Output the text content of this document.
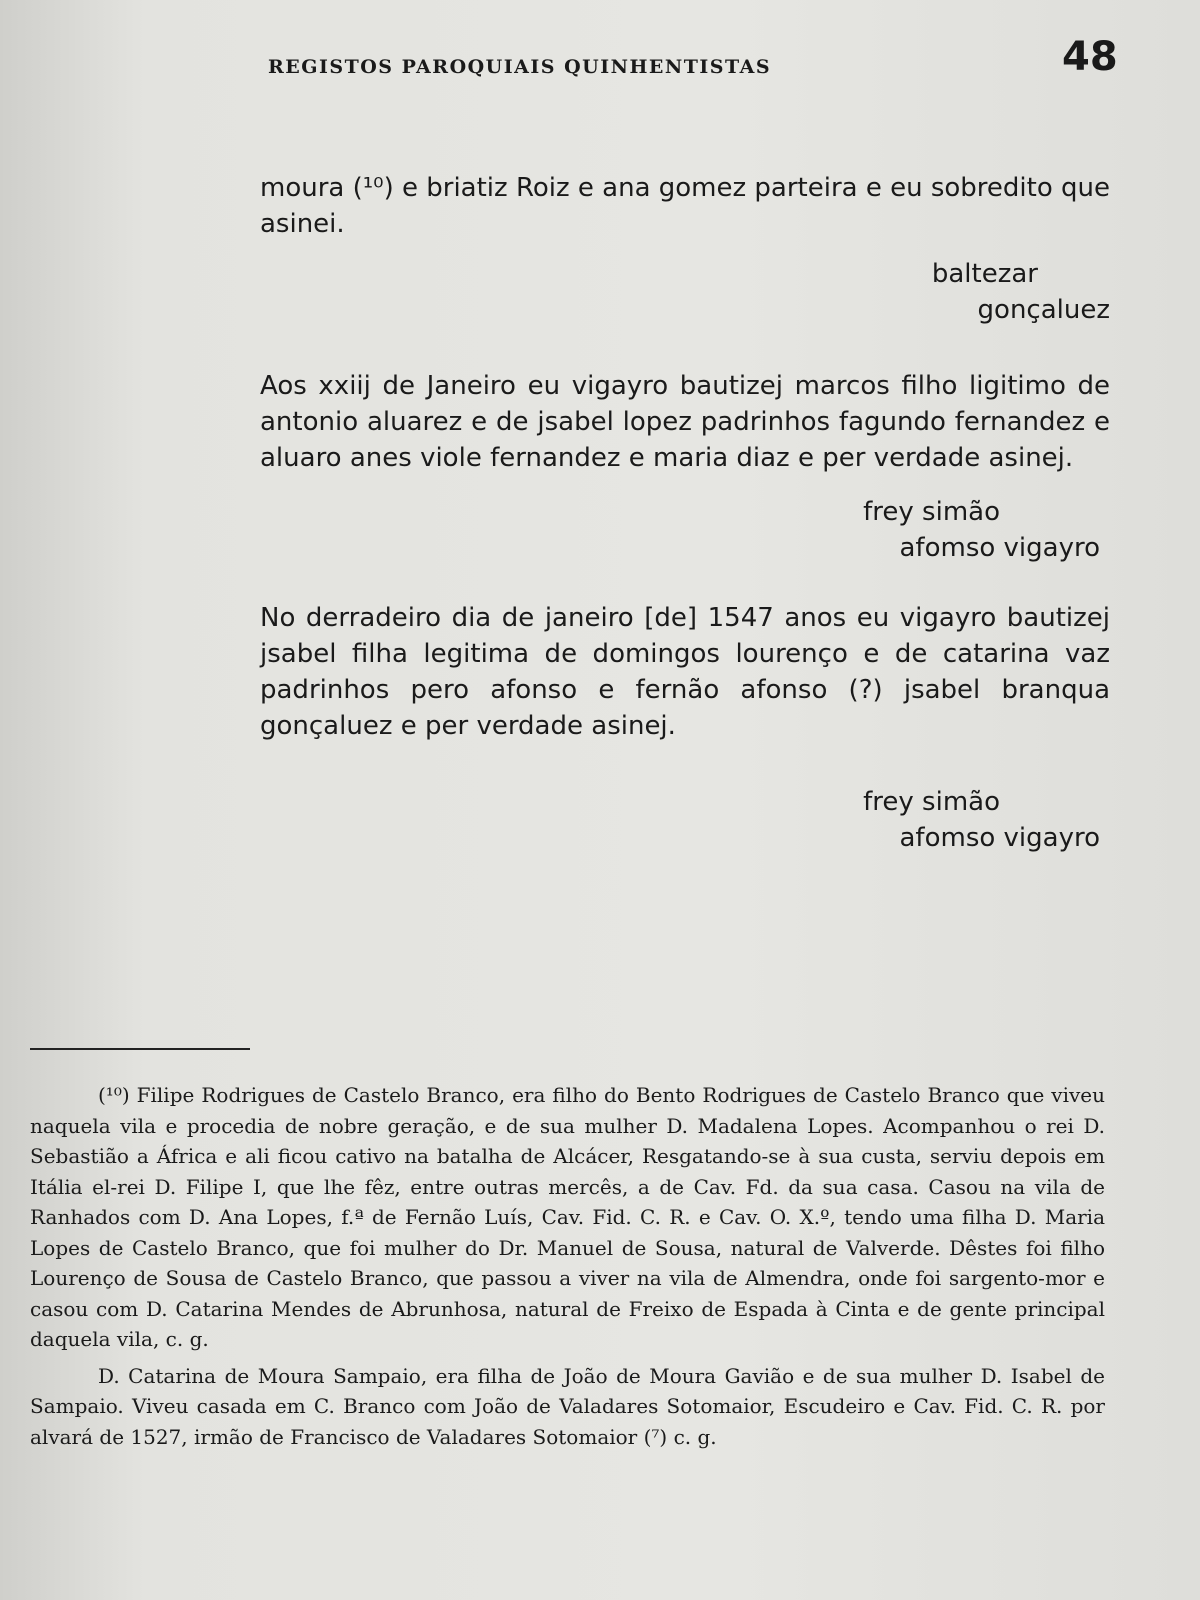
REGISTOS PAROQUIAIS QUINHENTISTAS	48

moura (¹⁰) e briatiz Roiz e ana gomez parteira e eu sobredito que asinei.

baltezar
gonçaluez

Aos xxiij de Janeiro eu vigayro bautizej marcos filho ligitimo de antonio aluarez e de jsabel lopez padrinhos fagundo fernandez e aluaro anes viole fernandez e maria diaz e per verdade asinej.

frey simão
afomso vigayro

No derradeiro dia de janeiro [de] 1547 anos eu vigayro bautizej jsabel filha legitima de domingos lourenço e de catarina vaz padrinhos pero afonso e fernão afonso (?) jsabel branqua gonçaluez e per verdade asinej.

frey simão
afomso vigayro

(¹⁰) Filipe Rodrigues de Castelo Branco, era filho do Bento Rodrigues de Castelo Branco que viveu naquela vila e procedia de nobre geração, e de sua mulher D. Madalena Lopes. Acompanhou o rei D. Sebastião a África e ali ficou cativo na batalha de Alcácer, Resgatando-se à sua custa, serviu depois em Itália el-rei D. Filipe I, que lhe fêz, entre outras mercês, a de Cav. Fd. da sua casa. Casou na vila de Ranhados com D. Ana Lopes, f.ª de Fernão Luís, Cav. Fid. C. R. e Cav. O. X.º, tendo uma filha D. Maria Lopes de Castelo Branco, que foi mulher do Dr. Manuel de Sousa, natural de Valverde. Dêstes foi filho Lourenço de Sousa de Castelo Branco, que passou a viver na vila de Almendra, onde foi sargento-mor e casou com D. Catarina Mendes de Abrunhosa, natural de Freixo de Espada à Cinta e de gente principal daquela vila, c. g.

D. Catarina de Moura Sampaio, era filha de João de Moura Gavião e de sua mulher D. Isabel de Sampaio. Viveu casada em C. Branco com João de Valadares Sotomaior, Escudeiro e Cav. Fid. C. R. por alvará de 1527, irmão de Francisco de Valadares Sotomaior (⁷) c. g.
